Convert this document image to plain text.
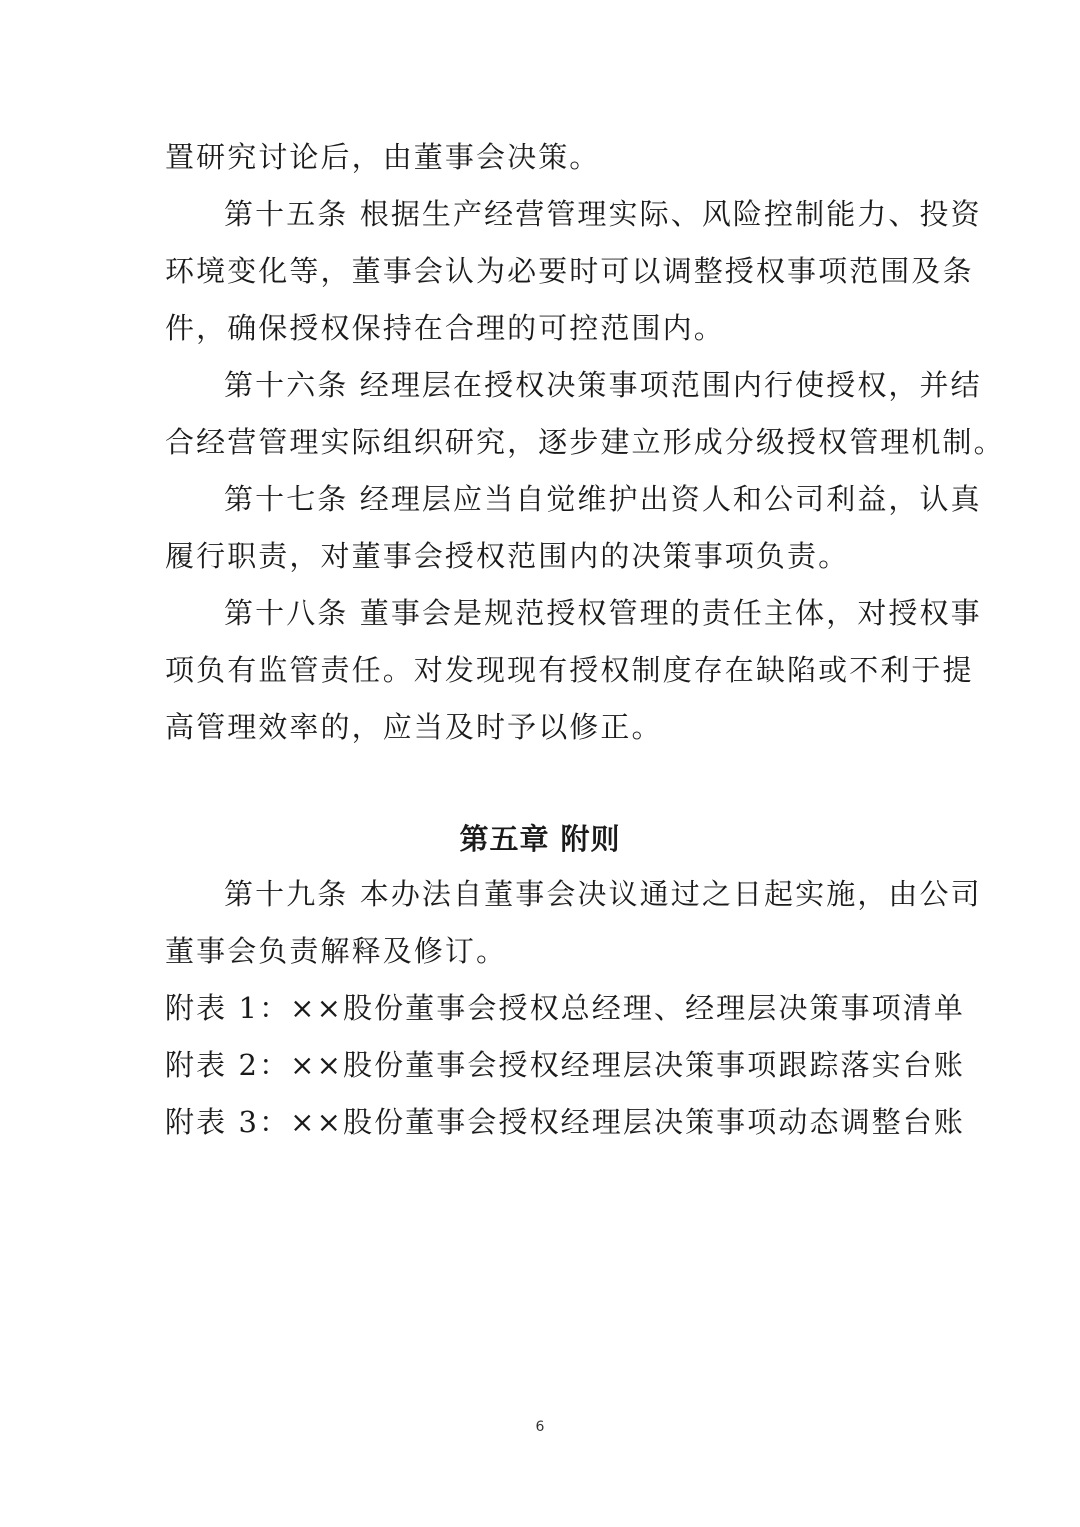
置研究讨论后，由董事会决策。
第十五条 根据生产经营管理实际、风险控制能力、投资
环境变化等，董事会认为必要时可以调整授权事项范围及条
件，确保授权保持在合理的可控范围内。
第十六条 经理层在授权决策事项范围内行使授权，并结
合经营管理实际组织研究，逐步建立形成分级授权管理机制。
第十七条 经理层应当自觉维护出资人和公司利益，认真
履行职责，对董事会授权范围内的决策事项负责。
第十八条 董事会是规范授权管理的责任主体，对授权事
项负有监管责任。对发现现有授权制度存在缺陷或不利于提
高管理效率的，应当及时予以修正。
第五章 附则
第十九条 本办法自董事会决议通过之日起实施，由公司
董事会负责解释及修订。
附表 1：××股份董事会授权总经理、经理层决策事项清单
附表 2：××股份董事会授权经理层决策事项跟踪落实台账
附表 3：××股份董事会授权经理层决策事项动态调整台账
6
